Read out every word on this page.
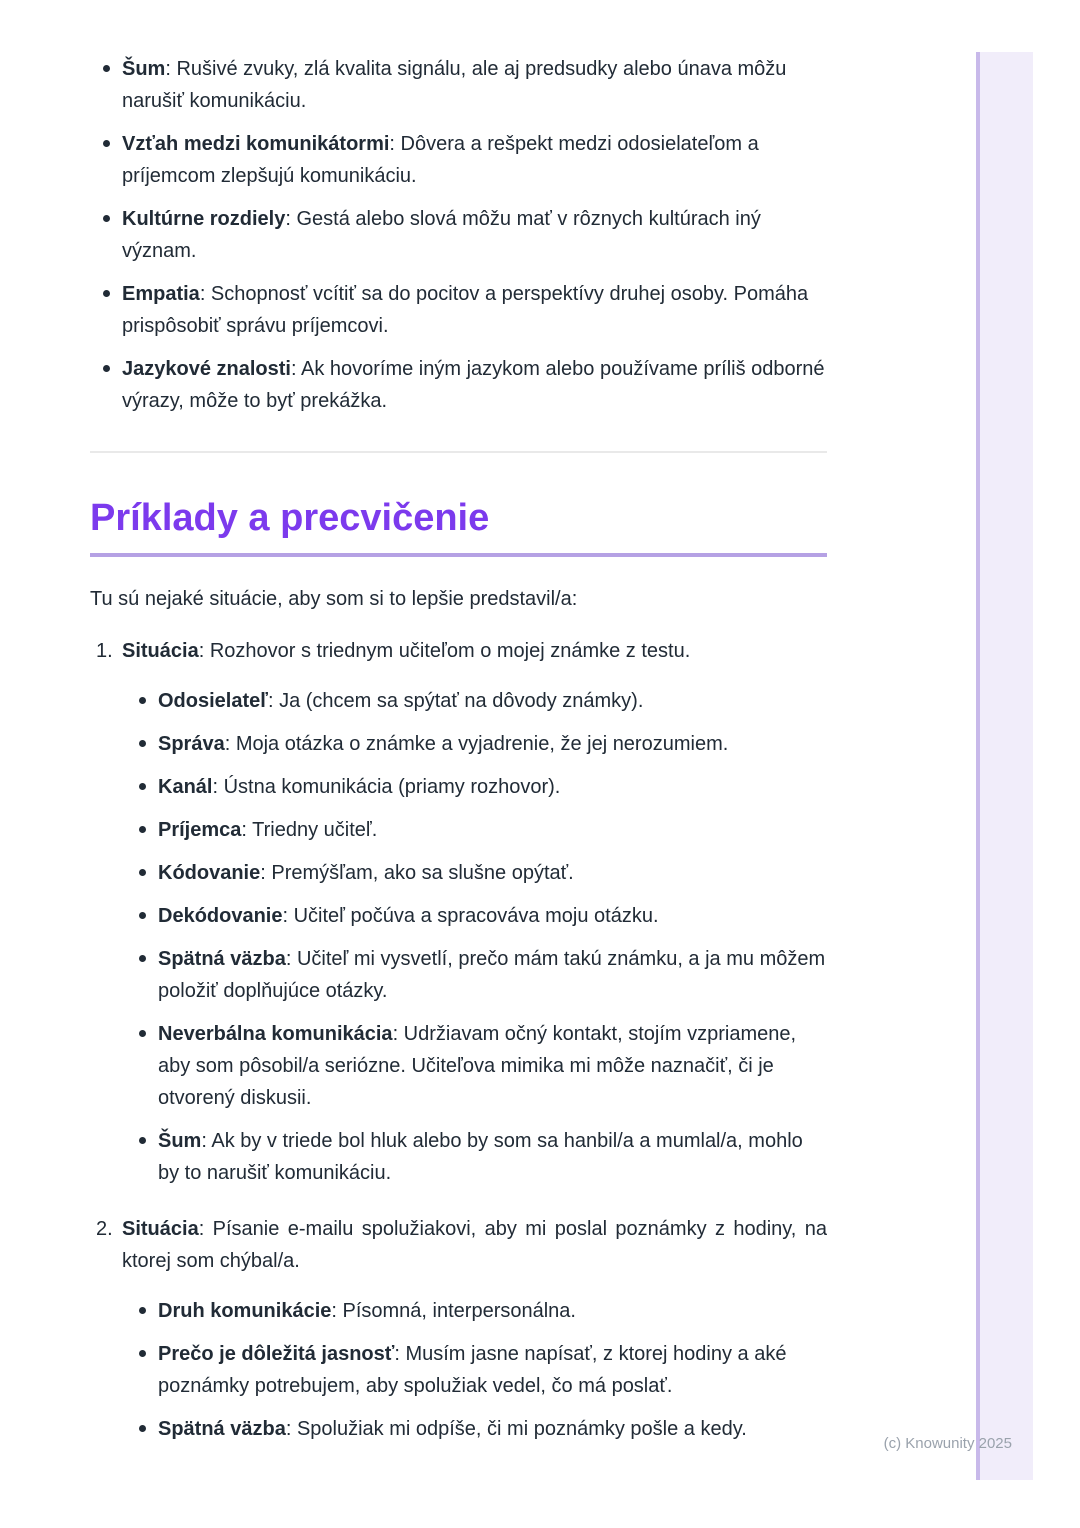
Šum: Rušivé zvuky, zlá kvalita signálu, ale aj predsudky alebo únava môžu narušiť komunikáciu.
Vzťah medzi komunikátormi: Dôvera a rešpekt medzi odosielateľom a príjemcom zlepšujú komunikáciu.
Kultúrne rozdiely: Gestá alebo slová môžu mať v rôznych kultúrach iný význam.
Empatia: Schopnosť vcítiť sa do pocitov a perspektívy druhej osoby. Pomáha prispôsobiť správu príjemcovi.
Jazykové znalosti: Ak hovoríme iným jazykom alebo používame príliš odborné výrazy, môže to byť prekážka.
Príklady a precvičenie

Tu sú nejaké situácie, aby som si to lepšie predstavil/a:

1. Situácia: Rozhovor s triednym učiteľom o mojej známke z testu.

Odosielateľ: Ja (chcem sa spýtať na dôvody známky).
Správa: Moja otázka o známke a vyjadrenie, že jej nerozumiem.
Kanál: Ústna komunikácia (priamy rozhovor).
Príjemca: Triedny učiteľ.
Kódovanie: Premýšľam, ako sa slušne opýtať.
Dekódovanie: Učiteľ počúva a spracováva moju otázku.
Spätná väzba: Učiteľ mi vysvetlí, prečo mám takú známku, a ja mu môžem položiť doplňujúce otázky.
Neverbálna komunikácia: Udržiavam očný kontakt, stojím vzpriamene, aby som pôsobil/a seriózne. Učiteľova mimika mi môže naznačiť, či je otvorený diskusii.
Šum: Ak by v triede bol hluk alebo by som sa hanbil/a a mumlal/a, mohlo by to narušiť komunikáciu.

2. Situácia: Písanie e-mailu spolužiakovi, aby mi poslal poznámky z hodiny, na ktorej som chýbal/a.

Druh komunikácie: Písomná, interpersonálna.
Prečo je dôležitá jasnosť: Musím jasne napísať, z ktorej hodiny a aké poznámky potrebujem, aby spolužiak vedel, čo má poslať.
Spätná väzba: Spolužiak mi odpíše, či mi poznámky pošle a kedy.
(c) Knowunity 2025
